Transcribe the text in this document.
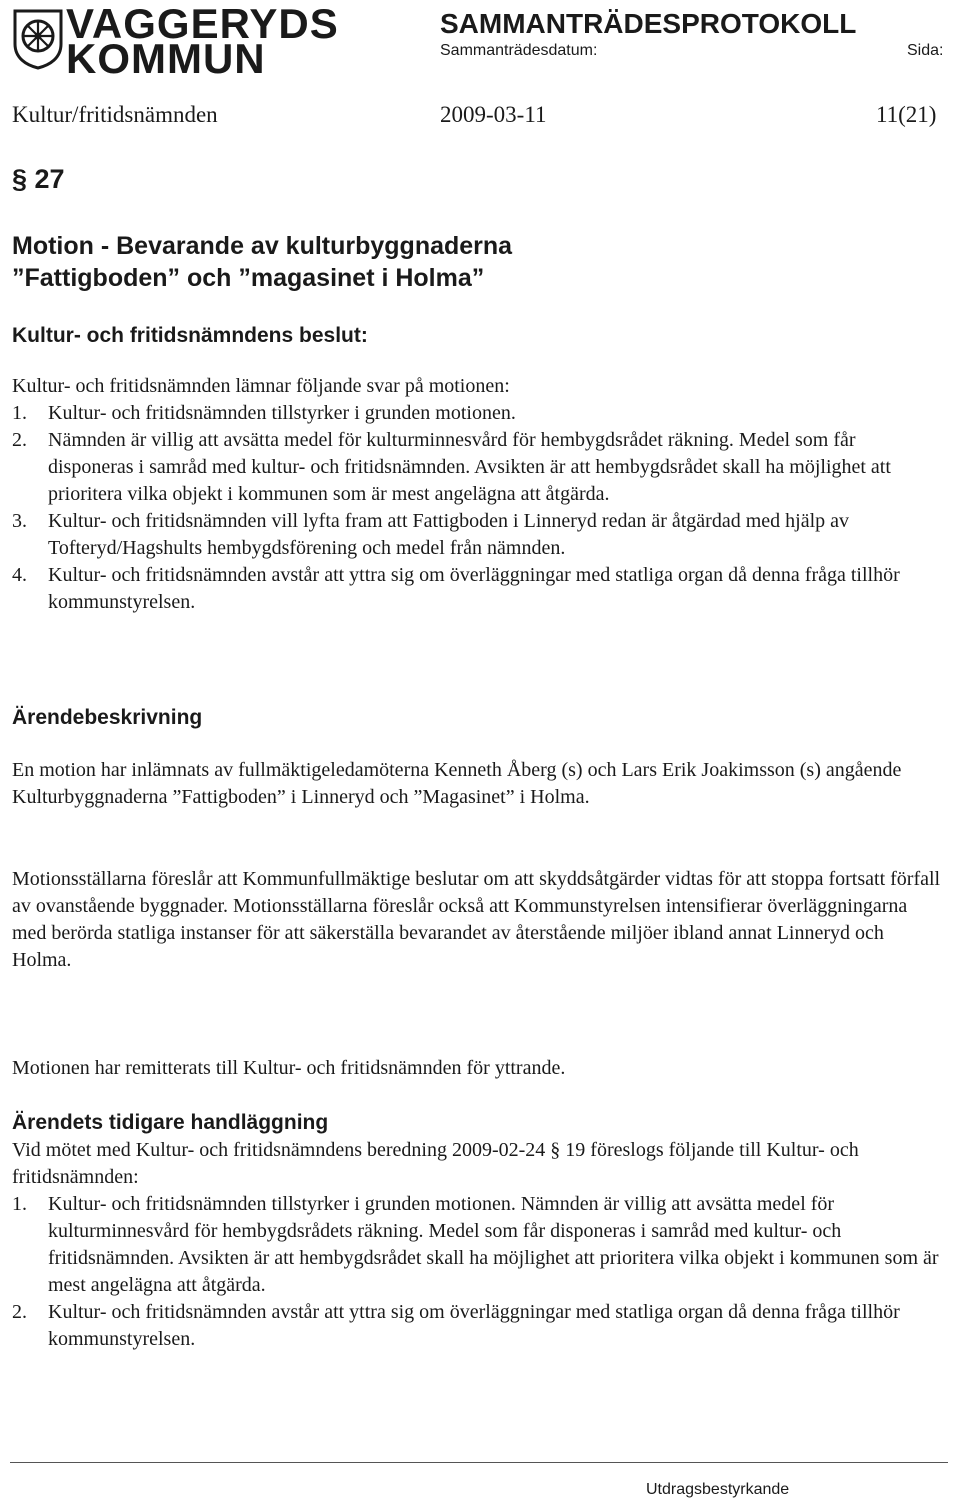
VAGGERYDS
KOMMUN
SAMMANTRÄDESPROTOKOLL
Sammanträdesdatum:	Sida:
Kultur/fritidsnämnden	2009-03-11	11(21)
§ 27
Motion - Bevarande av kulturbyggnaderna
”Fattigboden” och ”magasinet i Holma”
Kultur- och fritidsnämndens beslut:
Kultur- och fritidsnämnden lämnar följande svar på motionen:
1. Kultur- och fritidsnämnden tillstyrker i grunden motionen.
2. Nämnden är villig att avsätta medel för kulturminnesvård för hembygdsrådet räkning. Medel som får disponeras i samråd med kultur- och fritidsnämnden. Avsikten är att hembygdsrådet skall ha möjlighet att prioritera vilka objekt i kommunen som är mest angelägna att åtgärda.
3. Kultur- och fritidsnämnden vill lyfta fram att Fattigboden i Linneryd redan är åtgärdad med hjälp av Tofteryd/Hagshults hembygdsförening och medel från nämnden.
4. Kultur- och fritidsnämnden avstår att yttra sig om överläggningar med statliga organ då denna fråga tillhör kommunstyrelsen.
Ärendebeskrivning
En motion har inlämnats av fullmäktigeledamöterna Kenneth Åberg (s) och Lars Erik Joakimsson (s) angående Kulturbyggnaderna ”Fattigboden” i Linneryd och ”Magasinet” i Holma.
Motionsställarna föreslår att Kommunfullmäktige beslutar om att skyddsåtgärder vidtas för att stoppa fortsatt förfall av ovanstående byggnader. Motionsställarna föreslår också att Kommunstyrelsen intensifierar överläggningarna med berörda statliga instanser för att säkerställa bevarandet av återstående miljöer ibland annat Linneryd och Holma.
Motionen har remitterats till Kultur- och fritidsnämnden för yttrande.
Ärendets tidigare handläggning
Vid mötet med Kultur- och fritidsnämndens beredning 2009-02-24 § 19 föreslogs följande till Kultur- och fritidsnämnden:
1. Kultur- och fritidsnämnden tillstyrker i grunden motionen. Nämnden är villig att avsätta medel för kulturminnesvård för hembygdsrådets räkning. Medel som får disponeras i samråd med kultur- och fritidsnämnden. Avsikten är att hembygdsrådet skall ha möjlighet att prioritera vilka objekt i kommunen som är mest angelägna att åtgärda.
2. Kultur- och fritidsnämnden avstår att yttra sig om överläggningar med statliga organ då denna fråga tillhör kommunstyrelsen.
Utdragsbestyrkande
